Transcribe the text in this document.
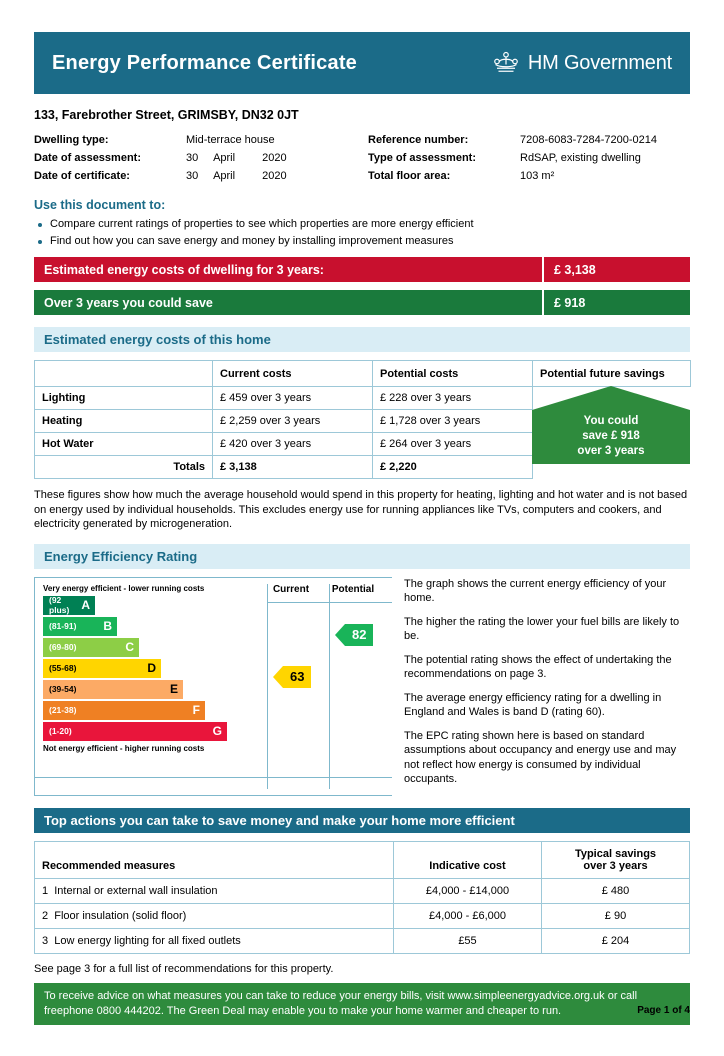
Energy Performance Certificate	HM Government
133, Farebrother Street, GRIMSBY, DN32 0JT
Dwelling type:	Mid-terrace house
Date of assessment:	30 April 2020
Date of certificate:	30 April 2020
Reference number:	7208-6083-7284-7200-0214
Type of assessment:	RdSAP, existing dwelling
Total floor area:	103 m²
Use this document to:
Compare current ratings of properties to see which properties are more energy efficient
Find out how you can save energy and money by installing improvement measures
Estimated energy costs of dwelling for 3 years:	£ 3,138
Over 3 years you could save	£ 918
Estimated energy costs of this home
	Current costs	Potential costs	Potential future savings
Lighting	£ 459 over 3 years	£ 228 over 3 years	
Heating	£ 2,259 over 3 years	£ 1,728 over 3 years	
Hot Water	£ 420 over 3 years	£ 264 over 3 years	
Totals	£ 3,138	£ 2,220	
You could
save £ 918
over 3 years
These figures show how much the average household would spend in this property for heating, lighting and hot water and is not based on energy used by individual households. This excludes energy use for running appliances like TVs, computers and cookers, and electricity generated by microgeneration.
Energy Efficiency Rating
Current	Potential
Very energy efficient - lower running costs
(92 plus)	A
(81-91) B
(69-80)	C
(55-68)	D
(39-54)	E
(21-38)	F
(1-20)	G
Not energy efficient - higher running costs
63
82

The graph shows the current energy efficiency of your home.

The higher the rating the lower your fuel bills are likely to be.

The potential rating shows the effect of undertaking the recommendations on page 3.

The average energy efficiency rating for a dwelling in England and Wales is band D (rating 60).

The EPC rating shown here is based on standard assumptions about occupancy and energy use and may not reflect how energy is consumed by individual occupants.

Top actions you can take to save money and make your home more efficient
Recommended measures	Indicative cost	Typical savings
over 3 years

1 Internal or external wall insulation	£4,000 - £14,000	£ 480
2 Floor insulation (solid floor)	£4,000 - £6,000	£ 90
3 Low energy lighting for all fixed outlets	£55	£ 204
See page 3 for a full list of recommendations for this property.
To receive advice on what measures you can take to reduce your energy bills, visit www.simpleenergyadvice.org.uk or call freephone 0800 444202. The Green Deal may enable you to make your home warmer and cheaper to run.	Page 1 of 4
